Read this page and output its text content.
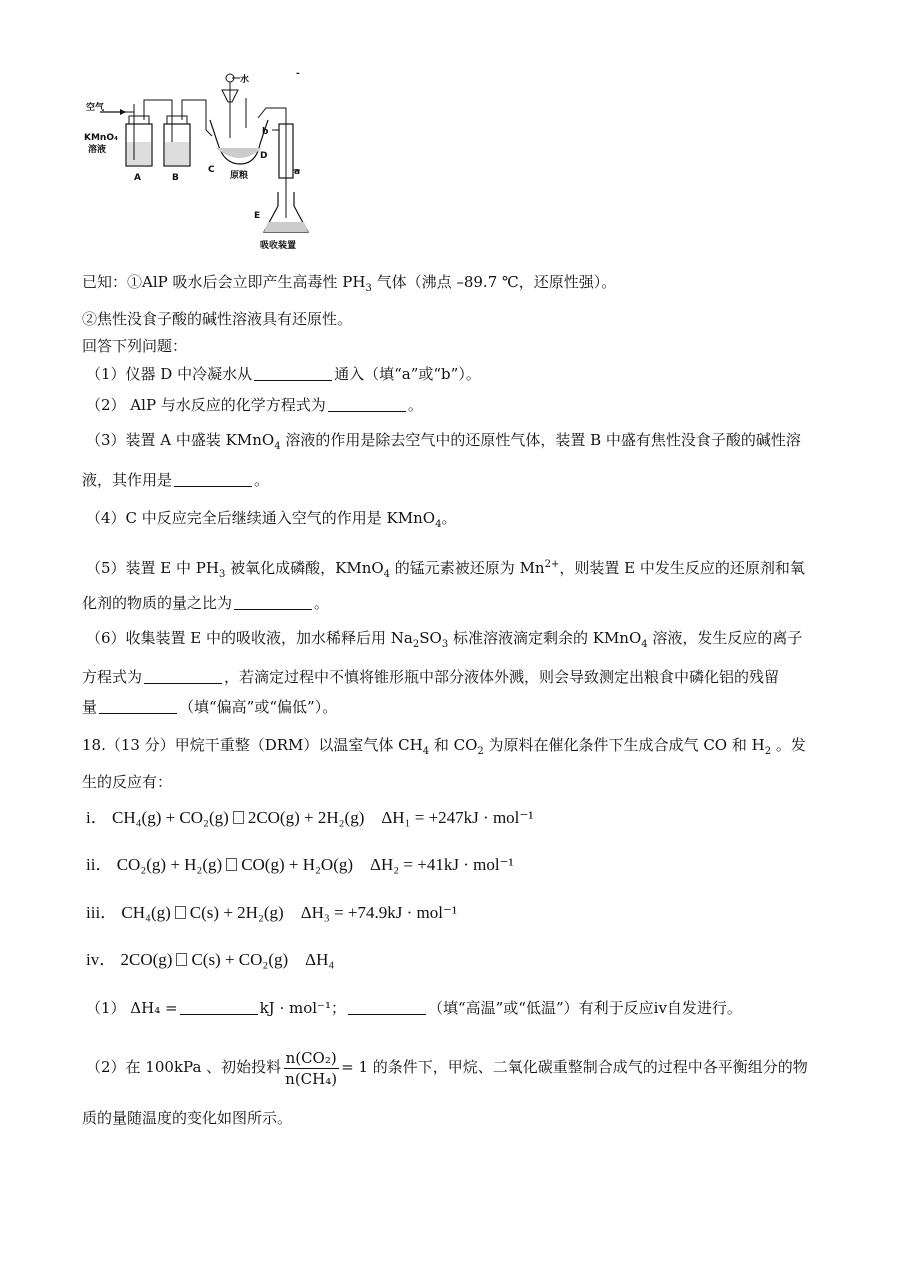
空气
水
b
D
a
E
吸收装置
KMnO₄
溶液
A	B
C
原粮
-
已知：①AlP 吸水后会立即产生高毒性 $PH_3$ 气体（沸点 –89.7 ℃，还原性强）。
②焦性没食子酸的碱性溶液具有还原性。
回答下列问题：
（1）仪器 D 中冷凝水从	通入（填“a”或“b”）。
（2） AlP 与水反应的化学方程式为	。
（3）装置 A 中盛装 KMnO$_4$ 溶液的作用是除去空气中的还原性气体，装置 B 中盛有焦性没食子酸的碱性溶
液，其作用是	。
（4）C 中反应完全后继续通入空气的作用是 KMnO$_4$。
（5）装置 E 中 $PH_3$ 被氧化成磷酸，KMnO$_4$ 的锰元素被还原为 $Mn^{2+}$，则装置 E 中发生反应的还原剂和氧
化剂的物质的量之比为	。
（6）收集装置 E 中的吸收液，加水稀释后用 $Na_2SO_3$ 标准溶液滴定剩余的 KMnO$_4$ 溶液，发生反应的离子
方程式为	，若滴定过程中不慎将锥形瓶中部分液体外溅，则会导致测定出粮食中磷化铝的残留
量	（填“偏高”或“偏低”）。
18.（13 分）甲烷干重整（DRM）以温室气体 $CH_4$ 和 $CO_2$ 为原料在催化条件下生成合成气 CO 和 $H_2$ 。发
生的反应有：
i． CH₄(g) + CO₂(g) 2CO(g) + 2H₂(g) ΔH₁ = +247kJ · mol⁻¹
ii． CO₂(g) + H₂(g) CO(g) + H₂O(g) ΔH₂ = +41kJ · mol⁻¹
iii． CH₄(g) C(s) + 2H₂(g) ΔH₃ = +74.9kJ · mol⁻¹
iv． 2CO(g) C(s) + CO₂(g) ΔH₄
（1） ΔH₄ =	kJ · mol⁻¹；	（填“高温”或“低温”）有利于反应iv自发进行。
（2）在 100kPa 、初始投料 $\frac{\text{n(CO₂)}}{\text{n(CH₄)}} = 1$ 的条件下，甲烷、二氧化碳重整制合成气的过程中各平衡组分的物
质的量随温度的变化如图所示。
